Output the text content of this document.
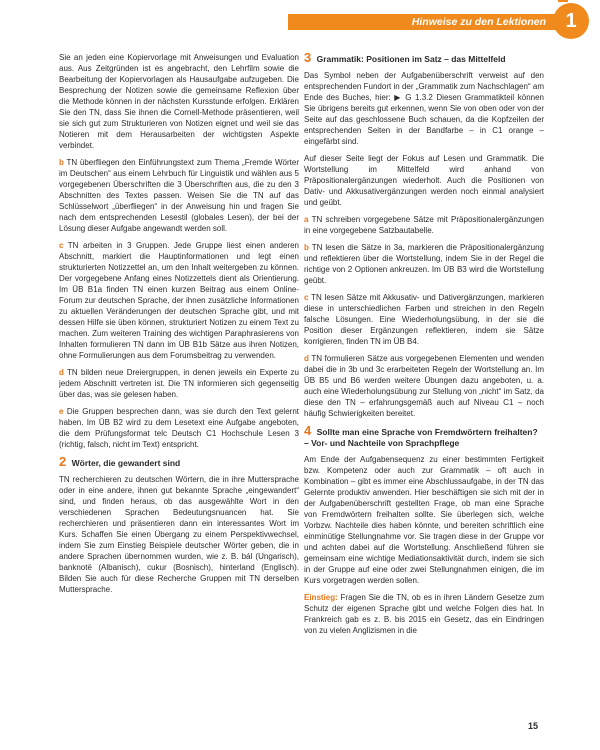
Hinweise zu den Lektionen 1

Sie an jeden eine Kopiervorlage mit Anweisungen und Evaluation aus. Aus Zeitgründen ist es angebracht, den Lehrfilm sowie die Bearbeitung der Kopiervorlagen als Hausaufgabe aufzugeben. Die Besprechung der Notizen sowie die gemeinsame Reflexion über die Methode können in der nächsten Kursstunde erfolgen. Erklären Sie den TN, dass Sie ihnen die Cornell-Methode präsentieren, weil sie sich gut zum Strukturieren von Notizen eignet und weil sie das Notieren mit dem Herausarbeiten der wichtigsten Aspekte verbindet.

b TN überfliegen den Einführungstext zum Thema „Fremde Wörter im Deutschen“ aus einem Lehrbuch für Linguistik und wählen aus 5 vorgegebenen Überschriften die 3 Überschriften aus, die zu den 3 Abschnitten des Textes passen. Weisen Sie die TN auf das Schlüsselwort „überfliegen“ in der Anweisung hin und fragen Sie nach dem entsprechenden Lesestil (globales Lesen), der bei der Lösung dieser Aufgabe angewandt werden soll.

c TN arbeiten in 3 Gruppen. Jede Gruppe liest einen anderen Abschnitt, markiert die Hauptinformationen und legt einen strukturierten Notizzettel an, um den Inhalt weitergeben zu können. Der vorgegebene Anfang eines Notizzettels dient als Orientierung. Im ÜB B1a finden TN einen kurzen Beitrag aus einem Online-Forum zur deutschen Sprache, der ihnen zusätzliche Informationen zu aktuellen Veränderungen der deutschen Sprache gibt, und mit dessen Hilfe sie üben können, strukturiert Notizen zu einem Text zu machen. Zum weiteren Training des wichtigen Paraphrasierens von Inhalten formulieren TN dann im ÜB B1b Sätze aus ihren Notizen, ohne Formulierungen aus dem Forumsbeitrag zu verwenden.

d TN bilden neue Dreiergruppen, in denen jeweils ein Experte zu jedem Abschnitt vertreten ist. Die TN informieren sich gegenseitig über das, was sie gelesen haben.

e Die Gruppen besprechen dann, was sie durch den Text gelernt haben. Im ÜB B2 wird zu dem Lesetext eine Aufgabe angeboten, die dem Prüfungsformat telc Deutsch C1 Hochschule Lesen 3 (richtig, falsch, nicht im Text) entspricht.

2 Wörter, die gewandert sind

TN recherchieren zu deutschen Wörtern, die in ihre Muttersprache oder in eine andere, ihnen gut bekannte Sprache „eingewandert“ sind, und finden heraus, ob das ausgewählte Wort in den verschiedenen Sprachen Bedeutungsnuancen hat. Sie recherchieren und präsentieren dann ein interessantes Wort im Kurs. Schaffen Sie einen Übergang zu einem Perspektivwechsel, indem Sie zum Einstieg Beispiele deutscher Wörter geben, die in andere Sprachen übernommen wurden, wie z. B. bál (Ungarisch), banknotë (Albanisch), cukur (Bosnisch), hinterland (Englisch). Bilden Sie auch für diese Recherche Gruppen mit TN derselben Muttersprache.

3 Grammatik: Positionen im Satz – das Mittelfeld

Das Symbol neben der Aufgabenüberschrift verweist auf den entsprechenden Fundort in der „Grammatik zum Nachschlagen“ am Ende des Buches, hier: ▶ G 1.3.2 Diesen Grammatikteil können Sie übrigens bereits gut erkennen, wenn Sie von oben oder von der Seite auf das geschlossene Buch schauen, da die Kopfzeilen der entsprechenden Seiten in der Bandfarbe – in C1 orange – eingefärbt sind.

Auf dieser Seite liegt der Fokus auf Lesen und Grammatik. Die Wortstellung im Mittelfeld wird anhand von Präpositionalergänzungen wiederholt. Auch die Positionen von Dativ- und Akkusativergänzungen werden noch einmal analysiert und geübt.

a TN schreiben vorgegebene Sätze mit Präpositionalergänzungen in eine vorgegebene Satzbautabelle.

b TN lesen die Sätze in 3a, markieren die Präpositionalergänzung und reflektieren über die Wortstellung, indem Sie in der Regel die richtige von 2 Optionen ankreuzen. Im ÜB B3 wird die Wortstellung geübt.

c TN lesen Sätze mit Akkusativ- und Dativergänzungen, markieren diese in unterschiedlichen Farben und streichen in den Regeln falsche Lösungen. Eine Wiederholungsübung, in der sie die Position dieser Ergänzungen reflektieren, indem sie Sätze korrigieren, finden TN im ÜB B4.

d TN formulieren Sätze aus vorgegebenen Elementen und wenden dabei die in 3b und 3c erarbeiteten Regeln der Wortstellung an. Im ÜB B5 und B6 werden weitere Übungen dazu angeboten, u. a. auch eine Wiederholungsübung zur Stellung von „nicht“ im Satz, da diese den TN – erfahrungsgemäß auch auf Niveau C1 – noch häufig Schwierigkeiten bereitet.

4 Sollte man eine Sprache von Fremdwörtern freihalten? – Vor- und Nachteile von Sprachpflege

Am Ende der Aufgabensequenz zu einer bestimmten Fertigkeit bzw. Kompetenz oder auch zur Grammatik – oft auch in Kombination – gibt es immer eine Abschlussaufgabe, in der TN das Gelernte produktiv anwenden. Hier beschäftigen sie sich mit der in der Aufgabenüberschrift gestellten Frage, ob man eine Sprache von Fremdwörtern freihalten sollte. Sie überlegen sich, welche Vorbzw. Nachteile dies haben könnte, und bereiten schriftlich eine einminütige Stellungnahme vor. Sie tragen diese in der Gruppe vor und achten dabei auf die Wortstellung. Anschließend führen sie gemeinsam eine wichtige Mediationsaktivität durch, indem sie sich in der Gruppe auf eine oder zwei Stellungnahmen einigen, die im Kurs vorgetragen werden sollen.

Einstieg: Fragen Sie die TN, ob es in ihren Ländern Gesetze zum Schutz der eigenen Sprache gibt und welche Folgen dies hat. In Frankreich gab es z. B. bis 2015 ein Gesetz, das ein Eindringen von zu vielen Anglizismen in die

15
